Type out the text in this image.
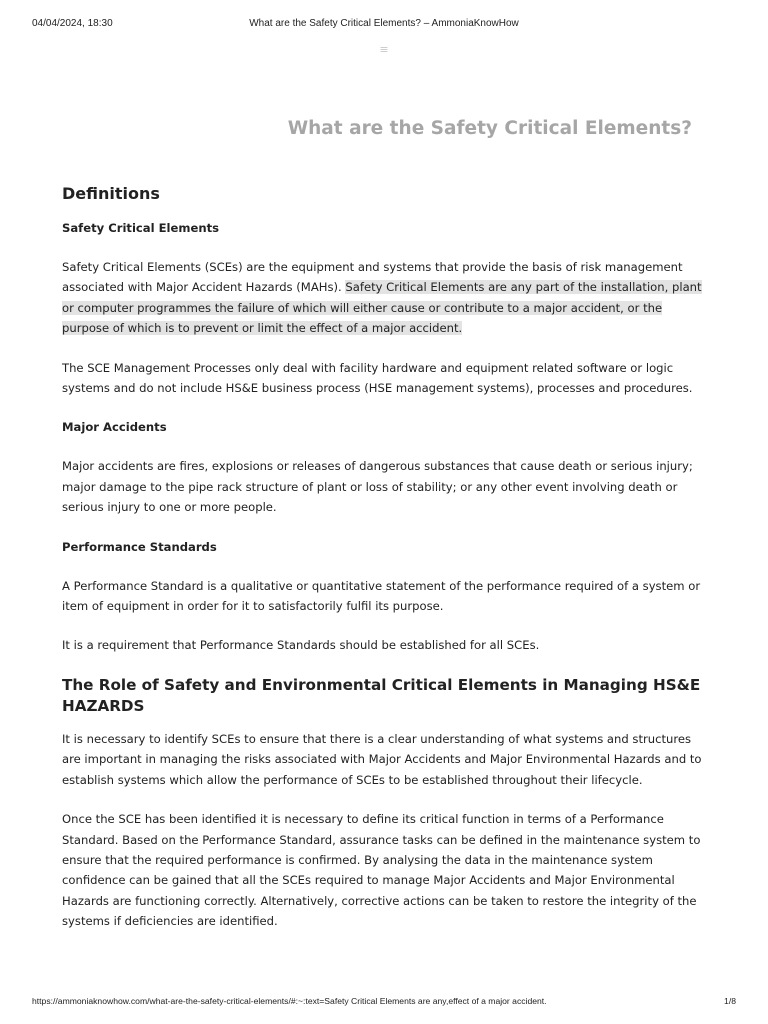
04/04/2024, 18:30	What are the Safety Critical Elements? – AmmoniaKnowHow
≡
What are the Safety Critical Elements?
Definitions
Safety Critical Elements

Safety Critical Elements (SCEs) are the equipment and systems that provide the basis of risk management associated with Major Accident Hazards (MAHs). Safety Critical Elements are any part of the installation, plant or computer programmes the failure of which will either cause or contribute to a major accident, or the purpose of which is to prevent or limit the effect of a major accident.

The SCE Management Processes only deal with facility hardware and equipment related software or logic systems and do not include HS&E business process (HSE management systems), processes and procedures.

Major Accidents

Major accidents are fires, explosions or releases of dangerous substances that cause death or serious injury; major damage to the pipe rack structure of plant or loss of stability; or any other event involving death or serious injury to one or more people.

Performance Standards

A Performance Standard is a qualitative or quantitative statement of the performance required of a system or item of equipment in order for it to satisfactorily fulfil its purpose.

It is a requirement that Performance Standards should be established for all SCEs.

The Role of Safety and Environmental Critical Elements in Managing HS&E HAZARDS

It is necessary to identify SCEs to ensure that there is a clear understanding of what systems and structures are important in managing the risks associated with Major Accidents and Major Environmental Hazards and to establish systems which allow the performance of SCEs to be established throughout their lifecycle.

Once the SCE has been identified it is necessary to define its critical function in terms of a Performance Standard. Based on the Performance Standard, assurance tasks can be defined in the maintenance system to ensure that the required performance is confirmed. By analysing the data in the maintenance system confidence can be gained that all the SCEs required to manage Major Accidents and Major Environmental Hazards are functioning correctly. Alternatively, corrective actions can be taken to restore the integrity of the systems if deficiencies are identified.

https://ammoniaknowhow.com/what-are-the-safety-critical-elements/#:~:text=Safety Critical Elements are any,effect of a major accident.	1/8
